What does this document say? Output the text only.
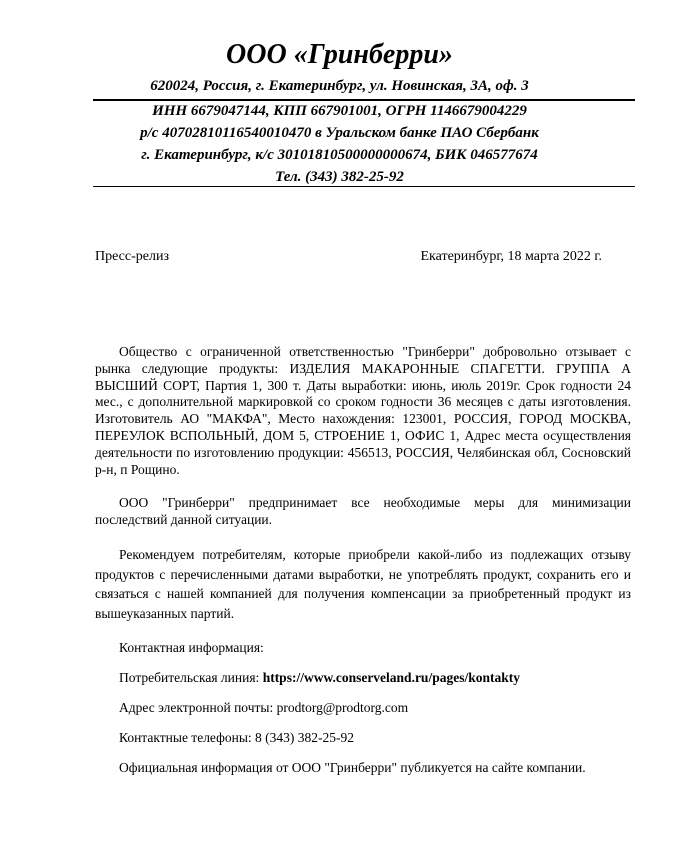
ООО «Гринберри»
620024, Россия, г. Екатеринбург, ул. Новинская, 3А, оф. 3
ИНН 6679047144, КПП 667901001, ОГРН 1146679004229
р/с 40702810116540010470 в Уральском банке ПАО Сбербанк
г. Екатеринбург, к/с 30101810500000000674, БИК 046577674
Тел. (343) 382-25-92
Пресс-релиз	Екатеринбург, 18 марта 2022 г.

Общество с ограниченной ответственностью "Гринберри" добровольно отзывает с рынка следующие продукты: ИЗДЕЛИЯ МАКАРОННЫЕ СПАГЕТТИ. ГРУППА А ВЫСШИЙ СОРТ, Партия 1, 300 т. Даты выработки: июнь, июль 2019г. Срок годности 24 мес., с дополнительной маркировкой со сроком годности 36 месяцев с даты изготовления. Изготовитель АО "МАКФА", Место нахождения: 123001, РОССИЯ, ГОРОД МОСКВА, ПЕРЕУЛОК ВСПОЛЬНЫЙ, ДОМ 5, СТРОЕНИЕ 1, ОФИС 1, Адрес места осуществления деятельности по изготовлению продукции: 456513, РОССИЯ, Челябинская обл, Сосновский р-н, п Рощино.

ООО "Гринберри" предпринимает все необходимые меры для минимизации последствий данной ситуации.

Рекомендуем потребителям, которые приобрели какой-либо из подлежащих отзыву продуктов с перечисленными датами выработки, не употреблять продукт, сохранить его и связаться с нашей компанией для получения компенсации за приобретенный продукт из вышеуказанных партий.

Контактная информация:

Потребительская линия: https://www.conserveland.ru/pages/kontakty

Адрес электронной почты: prodtorg@prodtorg.com

Контактные телефоны: 8 (343) 382-25-92

Официальная информация от ООО "Гринберри" публикуется на сайте компании.
